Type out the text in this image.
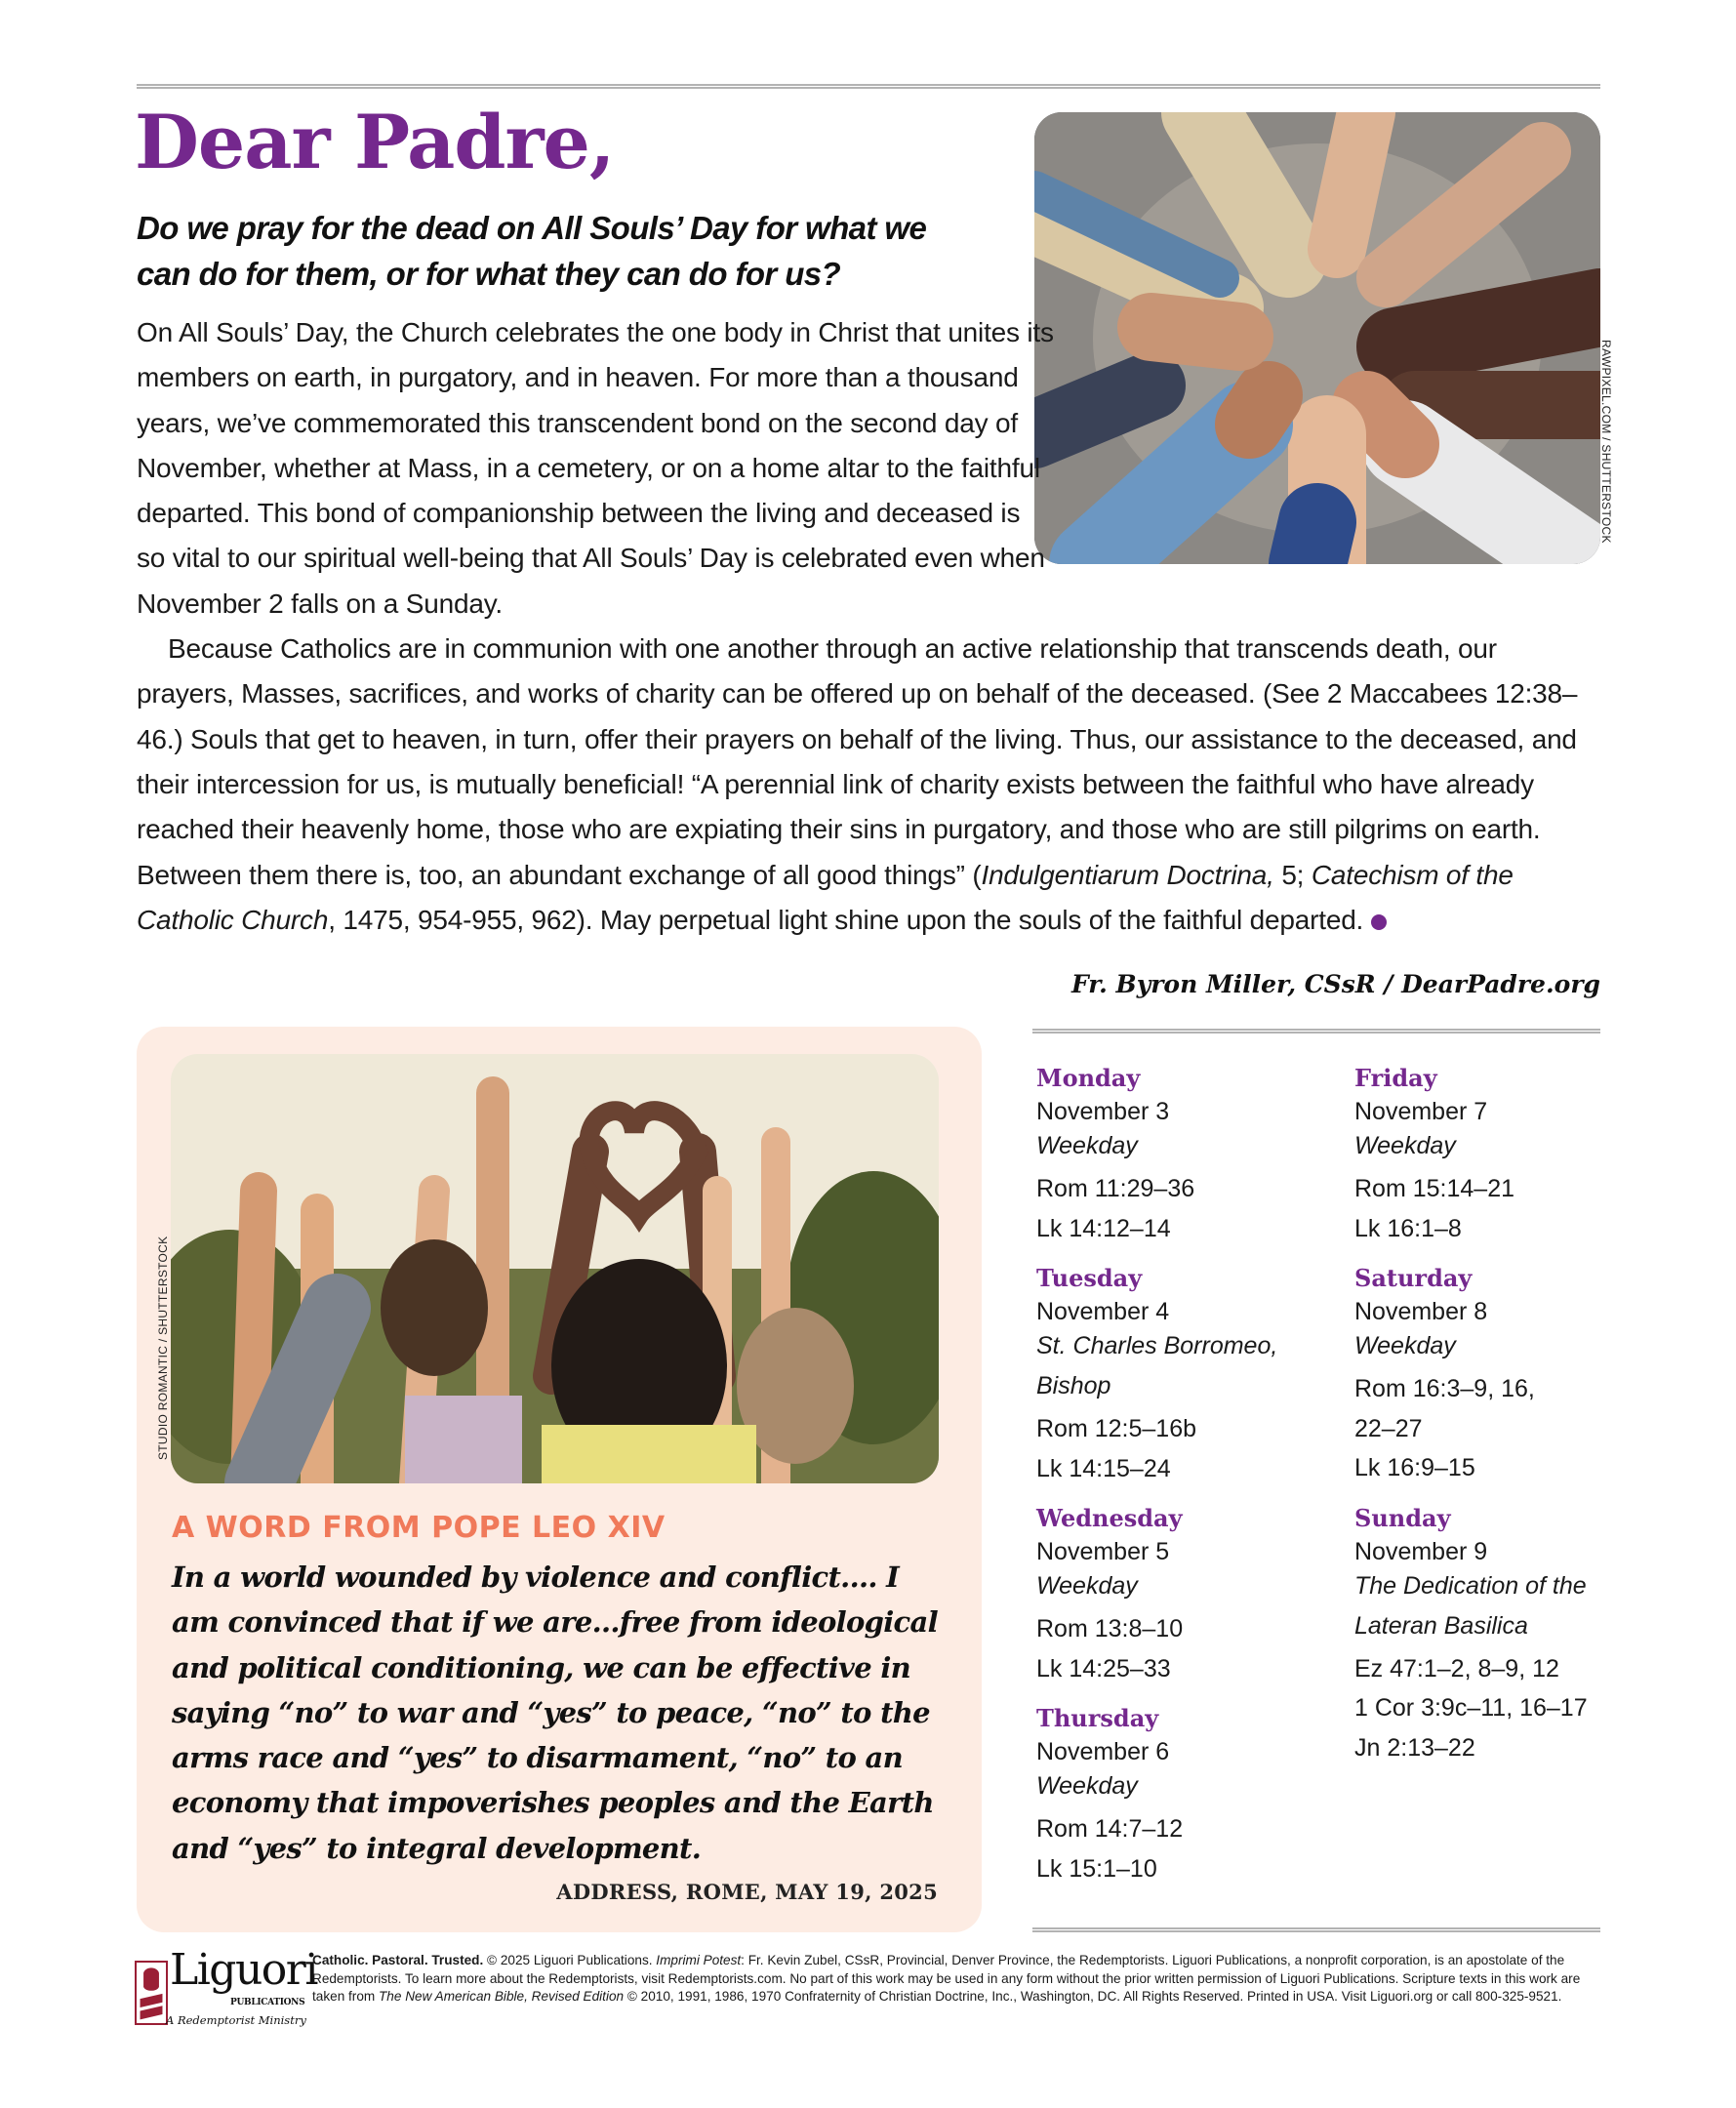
Dear Padre,
RAWPIXEL.COM / SHUTTERSTOCK
Do we pray for the dead on All Souls’ Day for what we can do for them, or for what they can do for us?

On All Souls’ Day, the Church celebrates the one body in Christ that unites its members on earth, in purgatory, and in heaven. For more than a thousand years, we’ve commemorated this transcendent bond on the second day of November, whether at Mass, in a cemetery, or on a home altar to the faithful departed. This bond of companionship between the living and deceased is so vital to our spiritual well-being that All Souls’ Day is celebrated even when November 2 falls on a Sunday.

Because Catholics are in communion with one another through an active relationship that transcends death, our prayers, Masses, sacrifices, and works of charity can be offered up on behalf of the deceased. (See 2 Maccabees 12:38–46.) Souls that get to heaven, in turn, offer their prayers on behalf of the living. Thus, our assistance to the deceased, and their intercession for us, is mutually beneficial! “A perennial link of charity exists between the faithful who have already reached their heavenly home, those who are expiating their sins in purgatory, and those who are still pilgrims on earth. Between them there is, too, an abundant exchange of all good things” (Indulgentiarum Doctrina, 5; Catechism of the Catholic Church, 1475, 954-955, 962). May perpetual light shine upon the souls of the faithful departed.

Fr. Byron Miller, CSsR / DearPadre.org
STUDIO ROMANTIC / SHUTTERSTOCK
A WORD FROM POPE LEO XIV
In a world wounded by violence and conflict.... I am convinced that if we are...free from ideological and political conditioning, we can be effective in saying “no” to war and “yes” to peace, “no” to the arms race and “yes” to disarmament, “no” to an economy that impoverishes peoples and the Earth and “yes” to integral development.
ADDRESS, ROME, MAY 19, 2025
Monday
November 3
Weekday
Rom 11:29–36
Lk 14:12–14
Tuesday
November 4
St. Charles Borromeo,
Bishop
Rom 12:5–16b
Lk 14:15–24
Wednesday
November 5
Weekday
Rom 13:8–10
Lk 14:25–33
Thursday
November 6
Weekday
Rom 14:7–12
Lk 15:1–10
Friday
November 7
Weekday
Rom 15:14–21
Lk 16:1–8
Saturday
November 8
Weekday
Rom 16:3–9, 16,
22–27
Lk 16:9–15
Sunday
November 9
The Dedication of the
Lateran Basilica
Ez 47:1–2, 8–9, 12
1 Cor 3:9c–11, 16–17
Jn 2:13–22
Liguori
PUBLICATIONS
A Redemptorist Ministry
Catholic. Pastoral. Trusted. © 2025 Liguori Publications. Imprimi Potest: Fr. Kevin Zubel, CSsR, Provincial, Denver Province, the Redemptorists. Liguori Publications, a nonprofit corporation, is an apostolate of the Redemptorists. To learn more about the Redemptorists, visit Redemptorists.com. No part of this work may be used in any form without the prior written permission of Liguori Publications. Scripture texts in this work are taken from The New American Bible, Revised Edition © 2010, 1991, 1986, 1970 Confraternity of Christian Doctrine, Inc., Washington, DC. All Rights Reserved. Printed in USA. Visit Liguori.org or call 800-325-9521.
